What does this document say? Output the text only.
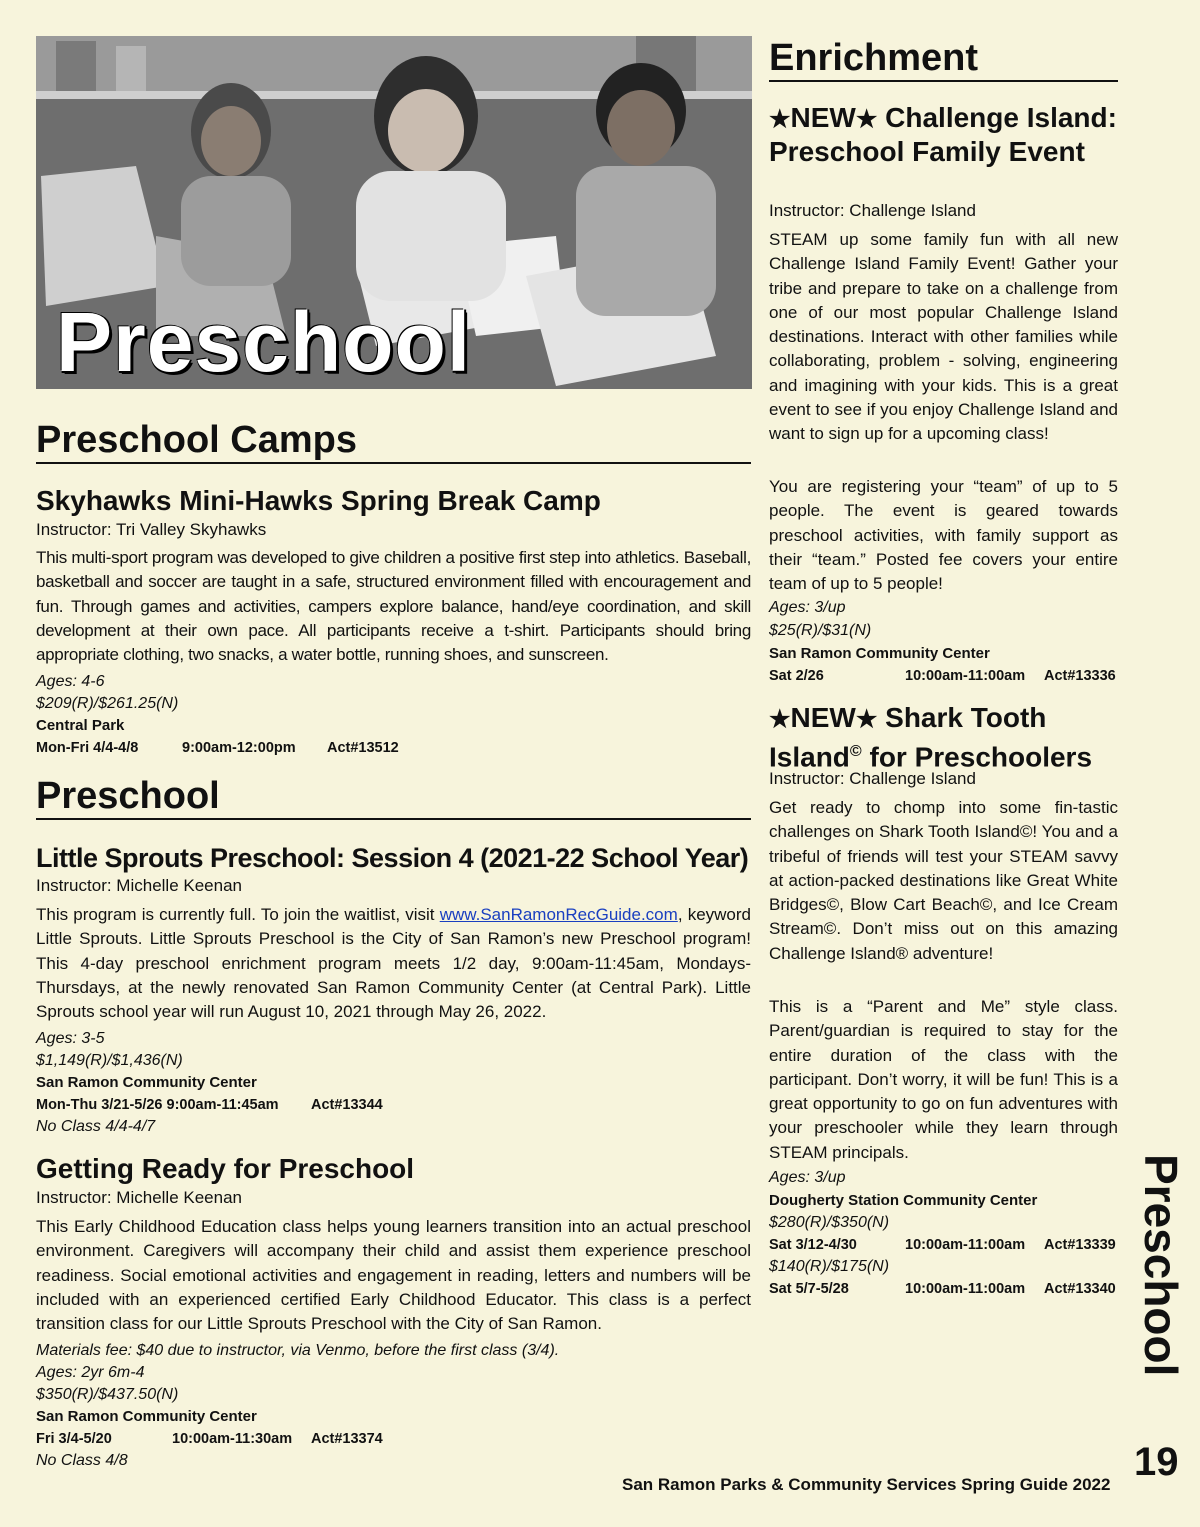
Preschool
Preschool Camps
Skyhawks Mini-Hawks Spring Break Camp
Instructor: Tri Valley Skyhawks
This multi-sport program was developed to give children a positive first step into athletics. Baseball, basketball and soccer are taught in a safe, structured environment filled with encouragement and fun. Through games and activities, campers explore balance, hand/eye coordination, and skill development at their own pace. All participants receive a t-shirt. Participants should bring appropriate clothing, two snacks, a water bottle, running shoes, and sunscreen.
Ages: 4-6
$209(R)/$261.25(N)
Central Park
Mon-Fri 4/4-4/8	9:00am-12:00pm Act#13512
Preschool
Little Sprouts Preschool: Session 4 (2021-22 School Year)
Instructor: Michelle Keenan
This program is currently full. To join the waitlist, visit www.SanRamonRecGuide.com, keyword Little Sprouts. Little Sprouts Preschool is the City of San Ramon’s new Preschool program! This 4-day preschool enrichment program meets 1/2 day, 9:00am-11:45am, Mondays-Thursdays, at the newly renovated San Ramon Community Center (at Central Park). Little Sprouts school year will run August 10, 2021 through May 26, 2022.
Ages: 3-5
$1,149(R)/$1,436(N)
San Ramon Community Center
Mon-Thu 3/21-5/26 9:00am-11:45am Act#13344
No Class 4/4-4/7
Getting Ready for Preschool
Instructor: Michelle Keenan
This Early Childhood Education class helps young learners transition into an actual preschool environment. Caregivers will accompany their child and assist them experience preschool readiness. Social emotional activities and engagement in reading, letters and numbers will be included with an experienced certified Early Childhood Educator. This class is a perfect transition class for our Little Sprouts Preschool with the City of San Ramon.
Materials fee: $40 due to instructor, via Venmo, before the first class (3/4).
Ages: 2yr 6m-4
$350(R)/$437.50(N)
San Ramon Community Center
Fri 3/4-5/20	10:00am-11:30am Act#13374
No Class 4/8
Enrichment
★NEW★ Challenge Island: Preschool Family Event
Instructor: Challenge Island
STEAM up some family fun with all new Challenge Island Family Event! Gather your tribe and prepare to take on a challenge from one of our most popular Challenge Island destinations. Interact with other families while collaborating, problem - solving, engineering and imagining with your kids. This is a great event to see if you enjoy Challenge Island and want to sign up for a upcoming class!
You are registering your “team” of up to 5 people. The event is geared towards preschool activities, with family support as their “team.” Posted fee covers your entire team of up to 5 people!
Ages: 3/up
$25(R)/$31(N)
San Ramon Community Center
Sat 2/26	10:00am-11:00am Act#13336
★NEW★ Shark Tooth
Island© for Preschoolers
Instructor: Challenge Island
Get ready to chomp into some fin-tastic challenges on Shark Tooth Island©! You and a tribeful of friends will test your STEAM savvy at action-packed destinations like Great White Bridges©, Blow Cart Beach©, and Ice Cream Stream©. Don’t miss out on this amazing Challenge Island® adventure!
This is a “Parent and Me” style class. Parent/guardian is required to stay for the entire duration of the class with the participant. Don’t worry, it will be fun! This is a great opportunity to go on fun adventures with your preschooler while they learn through STEAM principals.
Ages: 3/up
Dougherty Station Community Center
$280(R)/$350(N)
Sat 3/12-4/30	10:00am-11:00am Act#13339
$140(R)/$175(N)
Sat 5/7-5/28	10:00am-11:00am Act#13340 Preschool
19
San Ramon Parks & Community Services Spring Guide 2022
